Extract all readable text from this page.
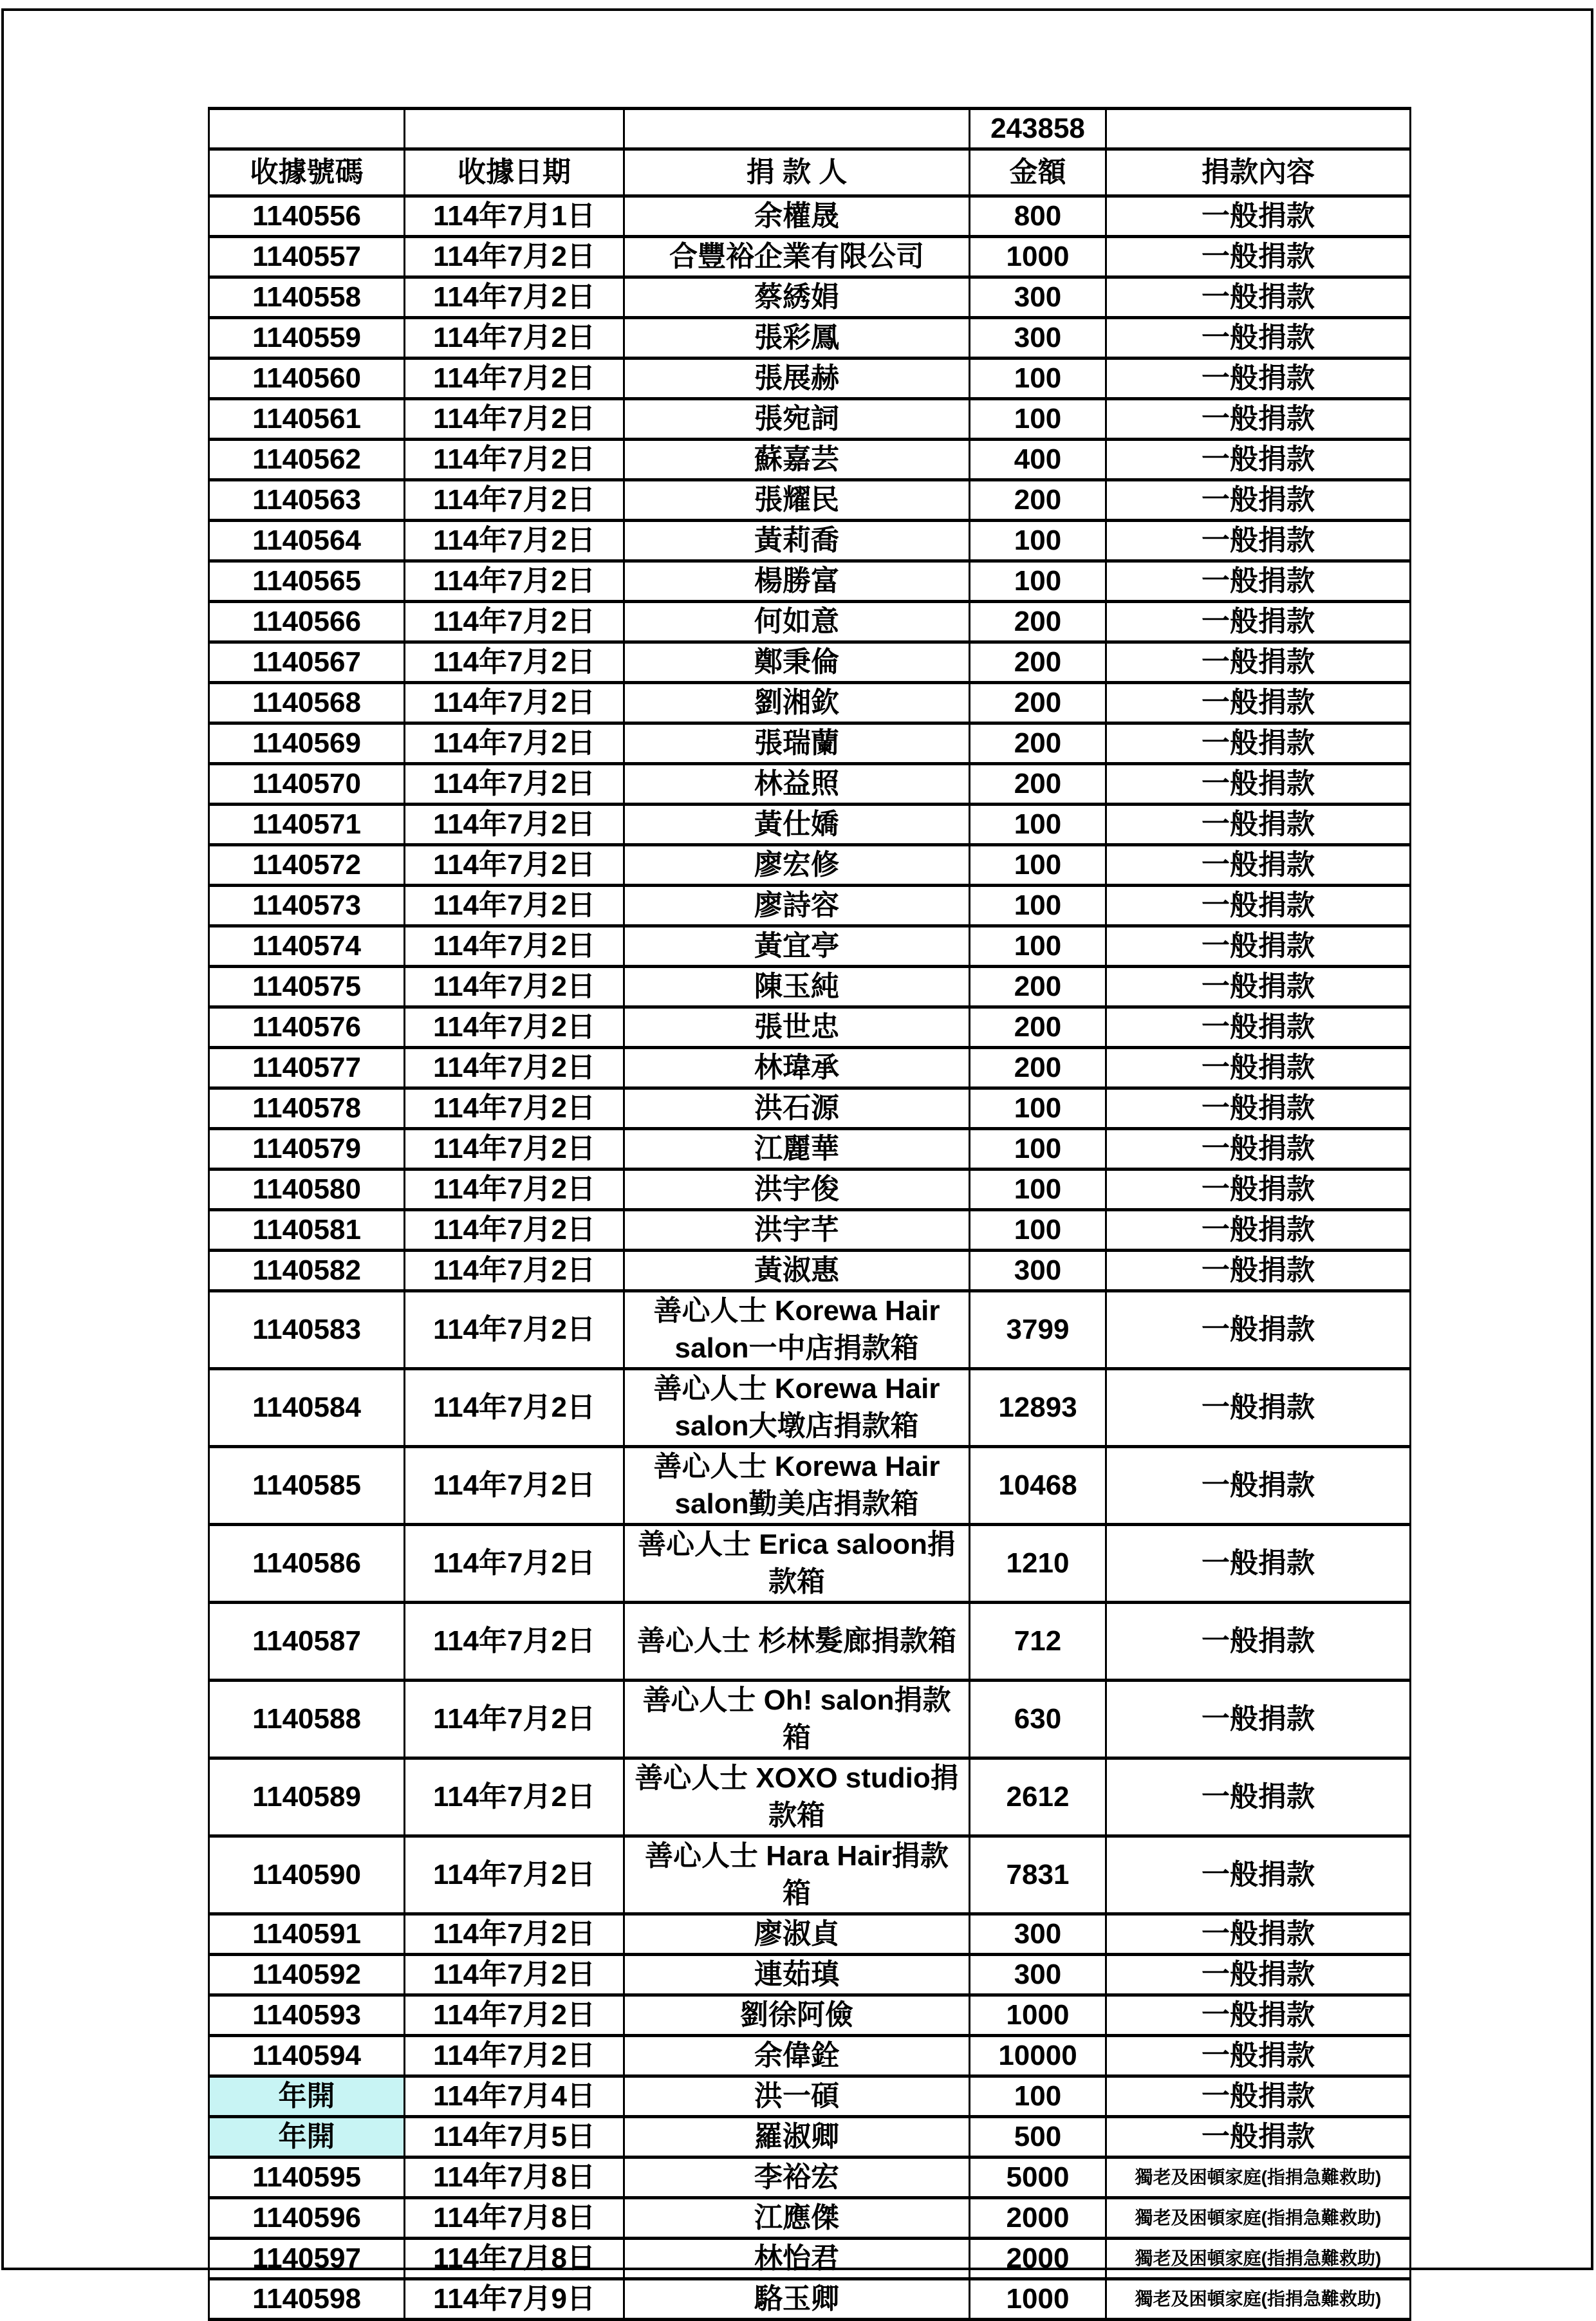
			243858	
收據號碼	收據日期	捐 款 人	金額	捐款內容
1140556	114年7月1日	余權晟	800	一般捐款
1140557	114年7月2日	合豐裕企業有限公司	1000	一般捐款
1140558	114年7月2日	蔡綉娟	300	一般捐款
1140559	114年7月2日	張彩鳳	300	一般捐款
1140560	114年7月2日	張展赫	100	一般捐款
1140561	114年7月2日	張宛詞	100	一般捐款
1140562	114年7月2日	蘇嘉芸	400	一般捐款
1140563	114年7月2日	張耀民	200	一般捐款
1140564	114年7月2日	黃莉喬	100	一般捐款
1140565	114年7月2日	楊勝富	100	一般捐款
1140566	114年7月2日	何如意	200	一般捐款
1140567	114年7月2日	鄭秉倫	200	一般捐款
1140568	114年7月2日	劉湘欽	200	一般捐款
1140569	114年7月2日	張瑞蘭	200	一般捐款
1140570	114年7月2日	林益照	200	一般捐款
1140571	114年7月2日	黃仕嬌	100	一般捐款
1140572	114年7月2日	廖宏修	100	一般捐款
1140573	114年7月2日	廖詩容	100	一般捐款
1140574	114年7月2日	黃宜亭	100	一般捐款
1140575	114年7月2日	陳玉純	200	一般捐款
1140576	114年7月2日	張世忠	200	一般捐款
1140577	114年7月2日	林瑋承	200	一般捐款
1140578	114年7月2日	洪石源	100	一般捐款
1140579	114年7月2日	江麗華	100	一般捐款
1140580	114年7月2日	洪宇俊	100	一般捐款
1140581	114年7月2日	洪宇芊	100	一般捐款
1140582	114年7月2日	黃淑惠	300	一般捐款
1140583	114年7月2日	善心人士 Korewa Hair salon一中店捐款箱	3799	一般捐款
1140584	114年7月2日	善心人士 Korewa Hair salon大墩店捐款箱	12893	一般捐款
1140585	114年7月2日	善心人士 Korewa Hair salon勤美店捐款箱	10468	一般捐款
1140586	114年7月2日	善心人士 Erica saloon捐款箱	1210	一般捐款
1140587	114年7月2日	善心人士 杉林髮廊捐款箱	712	一般捐款
1140588	114年7月2日	善心人士 Oh! salon捐款箱	630	一般捐款
1140589	114年7月2日	善心人士 XOXO studio捐款箱	2612	一般捐款
1140590	114年7月2日	善心人士 Hara Hair捐款箱	7831	一般捐款
1140591	114年7月2日	廖淑貞	300	一般捐款
1140592	114年7月2日	連茹瑱	300	一般捐款
1140593	114年7月2日	劉徐阿儉	1000	一般捐款
1140594	114年7月2日	余偉銓	10000	一般捐款
年開	114年7月4日	洪一碩	100	一般捐款
年開	114年7月5日	羅淑卿	500	一般捐款
1140595	114年7月8日	李裕宏	5000	獨老及困頓家庭(指捐急難救助)
1140596	114年7月8日	江應傑	2000	獨老及困頓家庭(指捐急難救助)
1140597	114年7月8日	林怡君	2000	獨老及困頓家庭(指捐急難救助)
1140598	114年7月9日	駱玉卿	1000	獨老及困頓家庭(指捐急難救助)
